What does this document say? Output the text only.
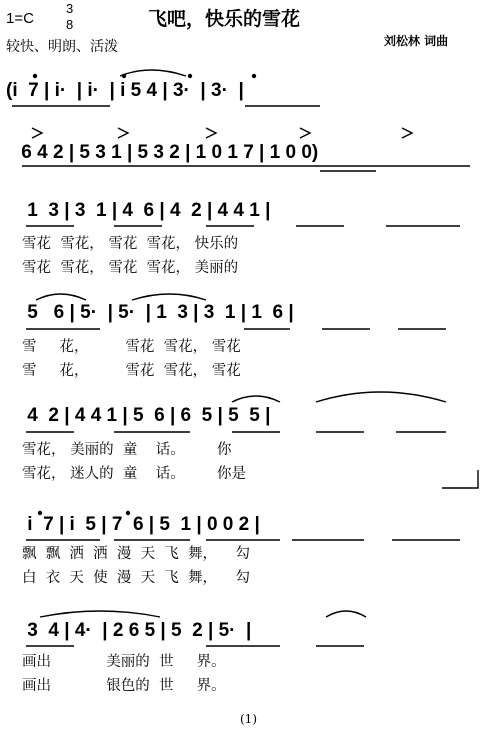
1=C
3
8	飞吧，快乐的雪花
较快、明朗、活泼	刘松林 词曲
(i  7 | i·  | i·  | i 5 4 | 3·  | 3·  |
6 4 2 | 5 3 1 | 5 3 2 | 1 0 1 7 | 1 0 0)
1  3 | 3  1 | 4  6 | 4  2 | 4 4 1 |
5   6 | 5·  | 5·  | 1  3 | 3  1 | 1  6 |
4  2 | 4 4 1 | 5  6 | 6  5 | 5  5 |
i  7 | i  5 | 7  6 | 5  1 | 0 0 2 |
3  4 | 4·  | 2 6 5 | 5  2 | 5·  |
雪花  雪花， 雪花  雪花， 快乐的
雪花  雪花， 雪花  雪花， 美丽的
雪     花，        雪花  雪花， 雪花
雪     花，        雪花  雪花， 雪花
雪花， 美丽的  童    话。       你
雪花， 迷人的  童    话。       你是
飘  飘  洒  洒  漫  天  飞  舞，    勾
白  衣  天  使  漫  天  飞  舞，    勾
画出            美丽的  世     界。
画出            银色的  世     界。
(1)
